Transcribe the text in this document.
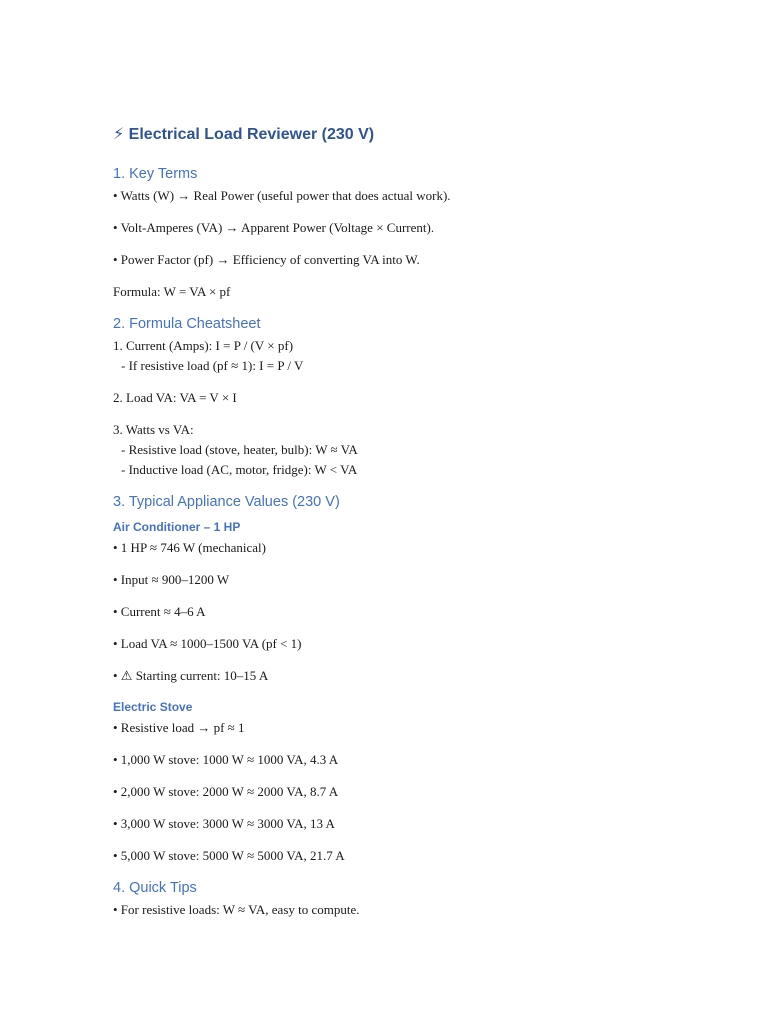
⚡ Electrical Load Reviewer (230 V)
1. Key Terms
• Watts (W) → Real Power (useful power that does actual work).
• Volt-Amperes (VA) → Apparent Power (Voltage × Current).
• Power Factor (pf) → Efficiency of converting VA into W.
Formula: W = VA × pf
2. Formula Cheatsheet
1. Current (Amps): I = P / (V × pf)
- If resistive load (pf ≈ 1): I = P / V
2. Load VA: VA = V × I
3. Watts vs VA:
- Resistive load (stove, heater, bulb): W ≈ VA
- Inductive load (AC, motor, fridge): W < VA
3. Typical Appliance Values (230 V)
Air Conditioner – 1 HP
• 1 HP ≈ 746 W (mechanical)
• Input ≈ 900–1200 W
• Current ≈ 4–6 A
• Load VA ≈ 1000–1500 VA (pf < 1)
• ⚠ Starting current: 10–15 A
Electric Stove
• Resistive load → pf ≈ 1
• 1,000 W stove: 1000 W ≈ 1000 VA, 4.3 A
• 2,000 W stove: 2000 W ≈ 2000 VA, 8.7 A
• 3,000 W stove: 3000 W ≈ 3000 VA, 13 A
• 5,000 W stove: 5000 W ≈ 5000 VA, 21.7 A
4. Quick Tips
• For resistive loads: W ≈ VA, easy to compute.
